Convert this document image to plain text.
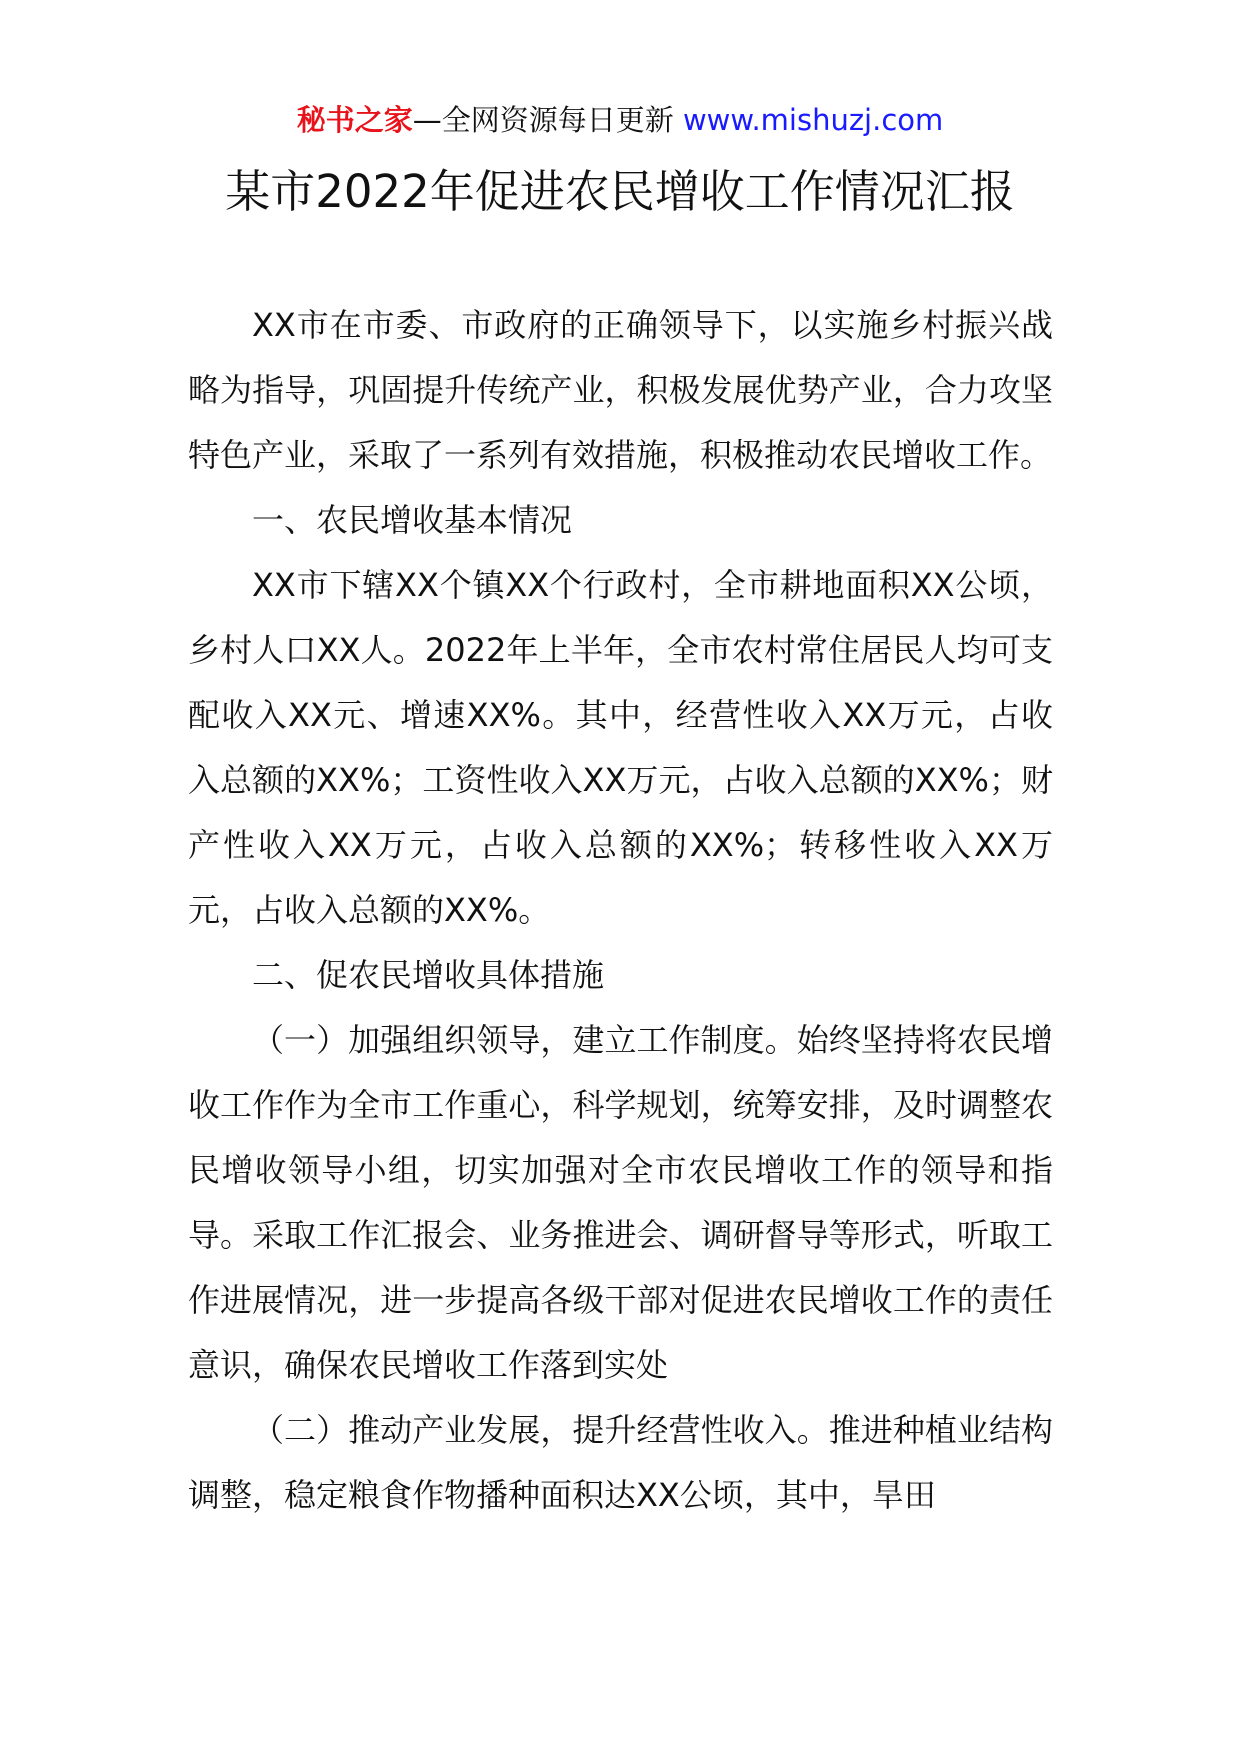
秘书之家—全网资源每日更新 www.mishuzj.com
某市2022年促进农民增收工作情况汇报

XX市在市委、市政府的正确领导下，以实施乡村振兴战略为指导，巩固提升传统产业，积极发展优势产业，合力攻坚特色产业，采取了一系列有效措施，积极推动农民增收工作。

一、农民增收基本情况

XX市下辖XX个镇XX个行政村，全市耕地面积XX公顷，乡村人口XX人。2022年上半年，全市农村常住居民人均可支配收入XX元、增速XX%。其中，经营性收入XX万元，占收入总额的XX%；工资性收入XX万元，占收入总额的XX%；财产性收入XX万元，占收入总额的XX%；转移性收入XX万元，占收入总额的XX%。

二、促农民增收具体措施

（一）加强组织领导，建立工作制度。始终坚持将农民增收工作作为全市工作重心，科学规划，统筹安排，及时调整农民增收领导小组，切实加强对全市农民增收工作的领导和指导。采取工作汇报会、业务推进会、调研督导等形式，听取工作进展情况，进一步提高各级干部对促进农民增收工作的责任意识，确保农民增收工作落到实处

（二）推动产业发展，提升经营性收入。推进种植业结构调整，稳定粮食作物播种面积达XX公顷，其中，旱田
